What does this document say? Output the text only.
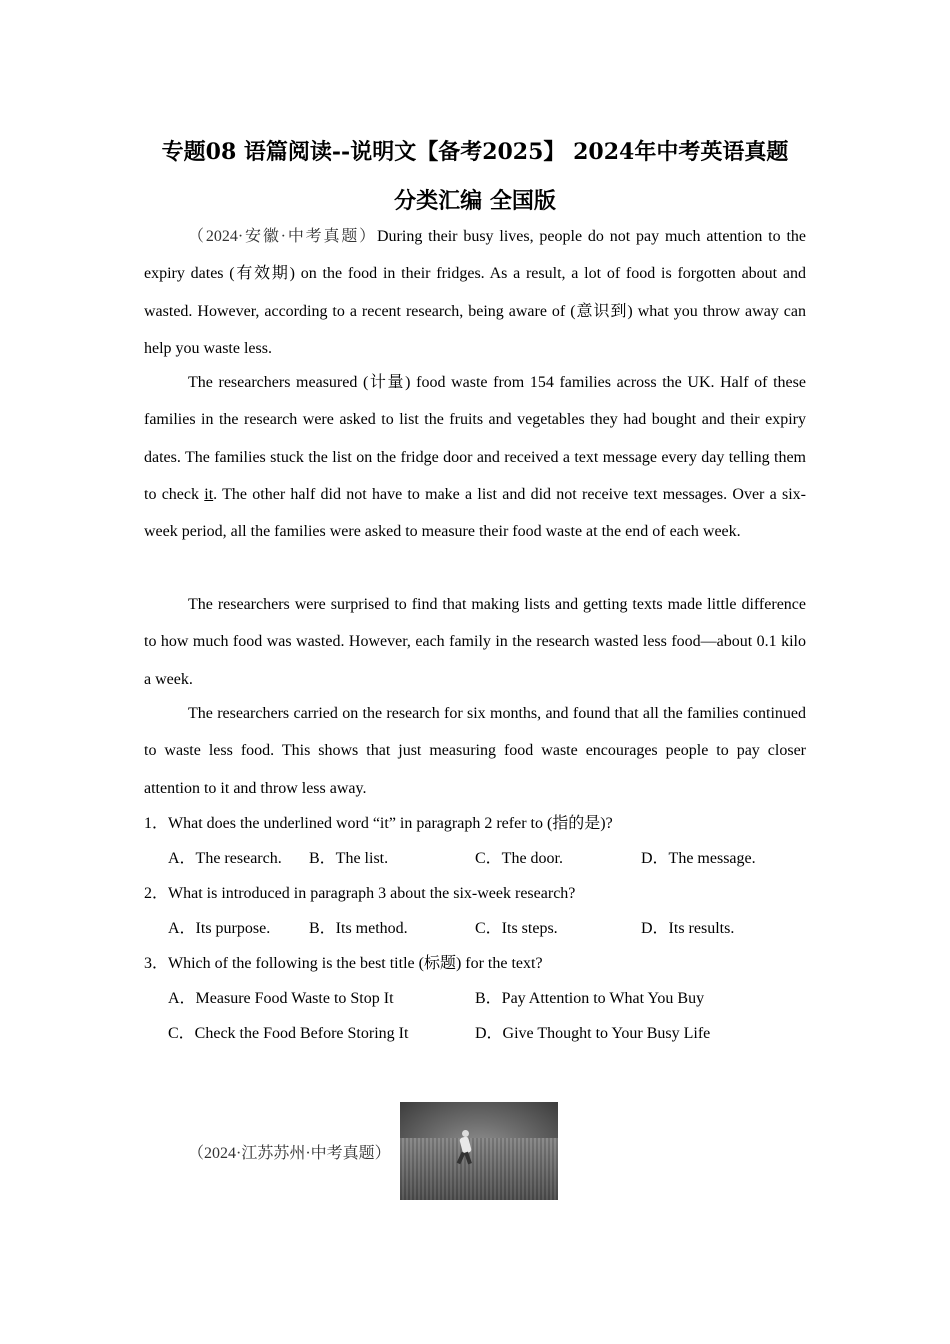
专题08 语篇阅读--说明文【备考2025】 2024年中考英语真题
分类汇编 全国版

（2024·安徽·中考真题）During their busy lives, people do not pay much attention to the expiry dates (有效期) on the food in their fridges. As a result, a lot of food is forgotten about and wasted. However, according to a recent research, being aware of (意识到) what you throw away can help you waste less.

The researchers measured (计量) food waste from 154 families across the UK. Half of these families in the research were asked to list the fruits and vegetables they had bought and their expiry dates. The families stuck the list on the fridge door and received a text message every day telling them to check it. The other half did not have to make a list and did not receive text messages. Over a six-week period, all the families were asked to measure their food waste at the end of each week.

The researchers were surprised to find that making lists and getting texts made little difference to how much food was wasted. However, each family in the research wasted less food—about 0.1 kilo a week.

The researchers carried on the research for six months, and found that all the families continued to waste less food. This shows that just measuring food waste encourages people to pay closer attention to it and throw less away.

1．What does the underlined word “it” in paragraph 2 refer to (指的是)?
A．The research. B．The list.	C．The door.	D．The message.
2．What is introduced in paragraph 3 about the six-week research?
A．Its purpose. B．Its method.	C．Its steps.	D．Its results.
3．Which of the following is the best title (标题) for the text?
A．Measure Food Waste to Stop It	B．Pay Attention to What You Buy
C．Check the Food Before Storing It	D．Give Thought to Your Busy Life
（2024·江苏苏州·中考真题）
